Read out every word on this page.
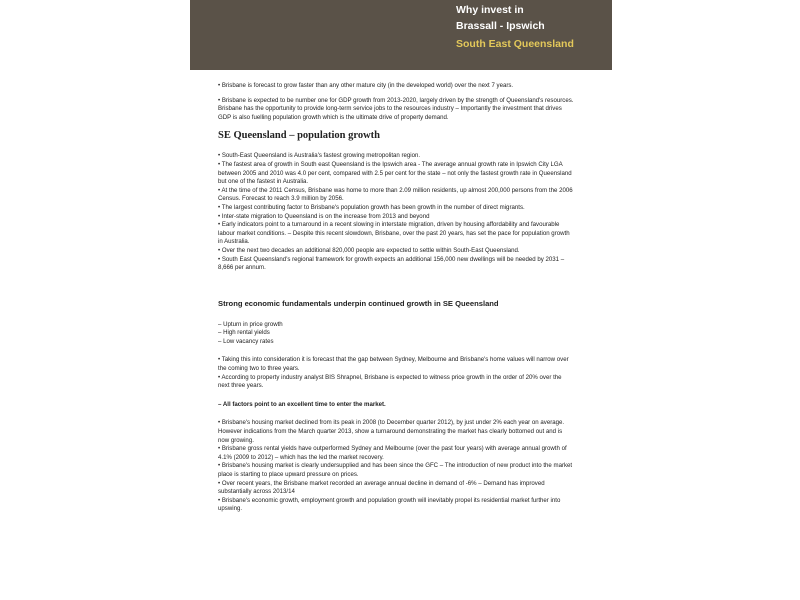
Why invest in
Brassall - Ipswich
South East Queensland

• Brisbane is forecast to grow faster than any other mature city (in the developed world) over the next 7 years.

• Brisbane is expected to be number one for GDP growth from 2013-2020, largely driven by the strength of Queensland's resources. Brisbane has the opportunity to provide long-term service jobs to the resources industry – Importantly the investment that drives GDP is also fuelling population growth which is the ultimate drive of property demand.

SE Queensland – population growth

• South-East Queensland is Australia's fastest growing metropolitan region.

• The fastest area of growth in South east Queensland is the Ipswich area - The average annual growth rate in Ipswich City LGA between 2005 and 2010 was 4.0 per cent, compared with 2.5 per cent for the state – not only the fastest growth rate in Queensland but one of the fastest in Australia.

• At the time of the 2011 Census, Brisbane was home to more than 2.09 million residents, up almost 200,000 persons from the 2006 Census. Forecast to reach 3.9 million by 2056.

• The largest contributing factor to Brisbane's population growth has been growth in the number of direct migrants.

• Inter-state migration to Queensland is on the increase from 2013 and beyond

• Early indicators point to a turnaround in a recent slowing in interstate migration, driven by housing affordability and favourable labour market conditions. – Despite this recent slowdown, Brisbane, over the past 20 years, has set the pace for population growth in Australia.

• Over the next two decades an additional 820,000 people are expected to settle within South-East Queensland.

• South East Queensland's regional framework for growth expects an additional 156,000 new dwellings will be needed by 2031 – 8,666 per annum.

Strong economic fundamentals underpin continued growth in SE Queensland

– Upturn in price growth

– High rental yields

– Low vacancy rates

• Taking this into consideration it is forecast that the gap between Sydney, Melbourne and Brisbane's home values will narrow over the coming two to three years.

• According to property industry analyst BIS Shrapnel, Brisbane is expected to witness price growth in the order of 20% over the next three years.

– All factors point to an excellent time to enter the market.

• Brisbane's housing market declined from its peak in 2008 (to December quarter 2012), by just under 2% each year on average. However indications from the March quarter 2013, show a turnaround demonstrating the market has clearly bottomed out and is now growing.

• Brisbane gross rental yields have outperformed Sydney and Melbourne (over the past four years) with average annual growth of 4.1% (2009 to 2012) – which has the led the market recovery.

• Brisbane's housing market is clearly undersupplied and has been since the GFC – The introduction of new product into the market place is starting to place upward pressure on prices.

• Over recent years, the Brisbane market recorded an average annual decline in demand of -6% – Demand has improved substantially across 2013/14

• Brisbane's economic growth, employment growth and population growth will inevitably propel its residential market further into upswing.
